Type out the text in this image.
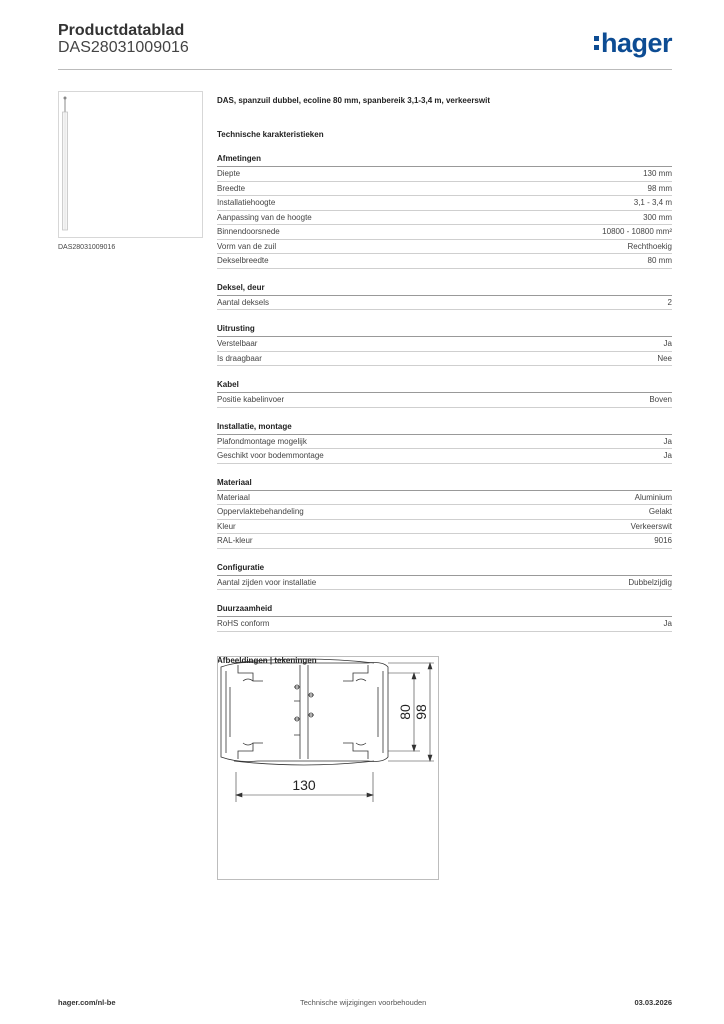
Productdatablad
DAS28031009016	hager
DAS28031009016
DAS, spanzuil dubbel, ecoline 80 mm, spanbereik 3,1-3,4 m, verkeerswit
Technische karakteristieken
Afmetingen
Diepte	130 mm
Breedte	98 mm
Installatiehoogte	3,1 - 3,4 m
Aanpassing van de hoogte	300 mm
Binnendoorsnede	10800 - 10800 mm²
Vorm van de zuil	Rechthoekig
Dekselbreedte	80 mm
Deksel, deur
Aantal deksels	2
Uitrusting
Verstelbaar	Ja
Is draagbaar	Nee
Kabel
Positie kabelinvoer	Boven
Installatie, montage
Plafondmontage mogelijk	Ja
Geschikt voor bodemmontage	Ja
Materiaal
Materiaal	Aluminium
Oppervlaktebehandeling	Gelakt
Kleur	Verkeerswit
RAL-kleur	9016
Configuratie
Aantal zijden voor installatie	Dubbelzijdig
Duurzaamheid
RoHS conform	Ja
Afbeeldingen | tekeningen
130
80 98
hager.com/nl-be	Technische wijzigingen voorbehouden	03.03.2026
